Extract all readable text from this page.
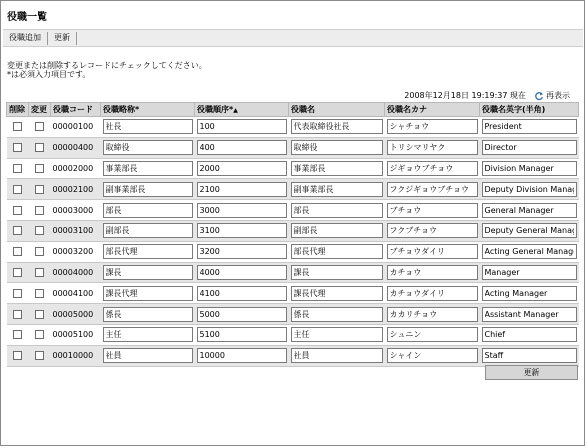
役職一覧
役職追加	更新
変更または削除するレコードにチェックしてください。
*は必須入力項目です。
2008年12月18日 19:19:37 現在	再表示
削除	変更	役職コード	役職略称*	役職順序*▲	役職名	役職名カナ	役職名英字(半角)
		00000100	社長	100	代表取締役社長	シャチョウ	President
		00000400	取締役	400	取締役	トリシマリヤク	Director
		00002000	事業部長	2000	事業部長	ジギョウブチョウ	Division Manager
		00002100	副事業部長	2100	副事業部長	フクジギョウブチョウ	Deputy Division Manager
		00003000	部長	3000	部長	ブチョウ	General Manager
		00003100	副部長	3100	副部長	フクブチョウ	Deputy General Manager
		00003200	部長代理	3200	部長代理	ブチョウダイリ	Acting General Manager
		00004000	課長	4000	課長	カチョウ	Manager
		00004100	課長代理	4100	課長代理	カチョウダイリ	Acting Manager
		00005000	係長	5000	係長	カカリチョウ	Assistant Manager
		00005100	主任	5100	主任	シュニン	Chief
		00010000	社員	10000	社員	シャイン	Staff
更新
